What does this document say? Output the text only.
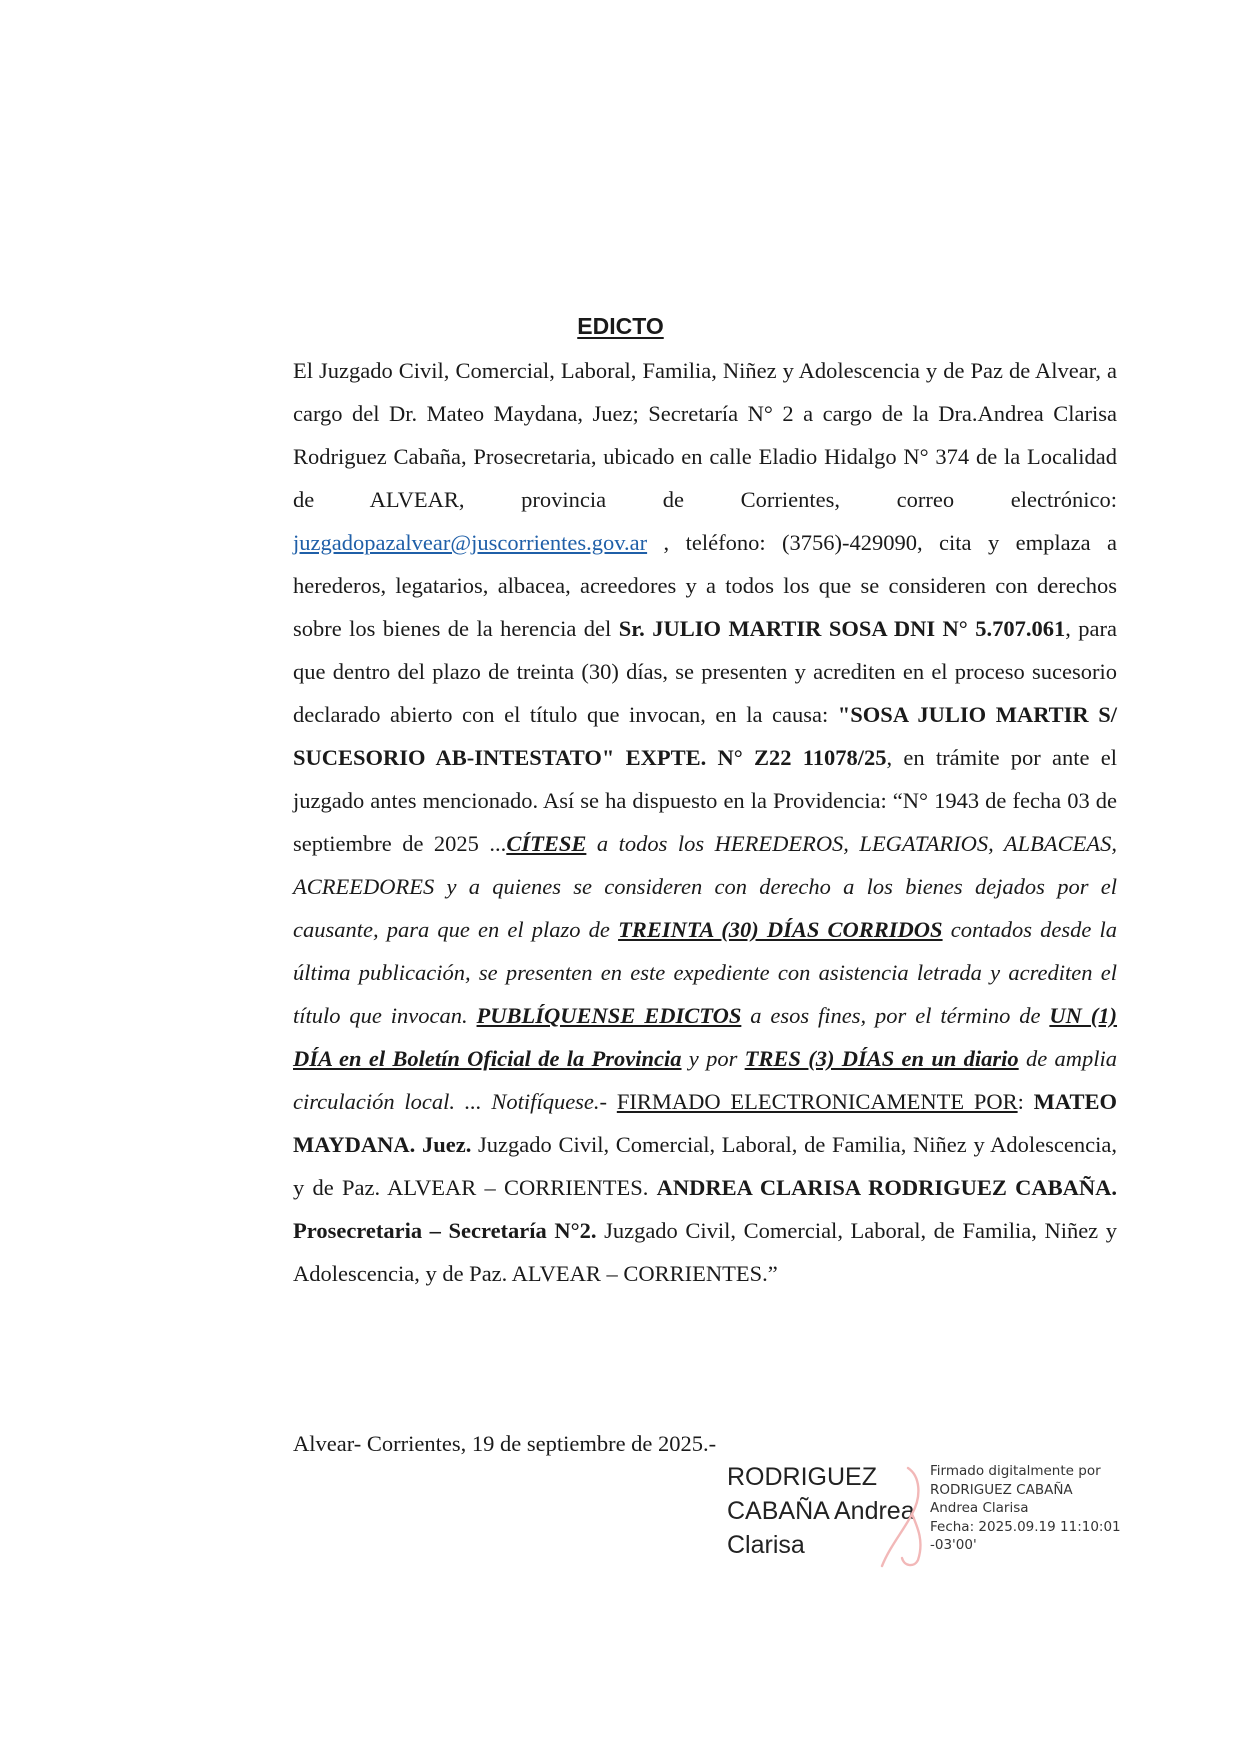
EDICTO

El Juzgado Civil, Comercial, Laboral, Familia, Niñez y Adolescencia y de Paz de Alvear, a cargo del Dr. Mateo Maydana, Juez; Secretaría N° 2 a cargo de la Dra.Andrea Clarisa Rodriguez Cabaña, Prosecretaria, ubicado en calle Eladio Hidalgo N° 374 de la Localidad de ALVEAR, provincia de Corrientes, correo electrónico: juzgadopazalvear@juscorrientes.gov.ar , teléfono: (3756)-429090, cita y emplaza a herederos, legatarios, albacea, acreedores y a todos los que se consideren con derechos sobre los bienes de la herencia del Sr. JULIO MARTIR SOSA DNI N° 5.707.061, para que dentro del plazo de treinta (30) días, se presenten y acrediten en el proceso sucesorio declarado abierto con el título que invocan, en la causa: "SOSA JULIO MARTIR S/ SUCESORIO AB-INTESTATO" EXPTE. N° Z22 11078/25, en trámite por ante el juzgado antes mencionado. Así se ha dispuesto en la Providencia: “N° 1943 de fecha 03 de septiembre de 2025 ...CÍTESE a todos los HEREDEROS, LEGATARIOS, ALBACEAS, ACREEDORES y a quienes se consideren con derecho a los bienes dejados por el causante, para que en el plazo de TREINTA (30) DÍAS CORRIDOS contados desde la última publicación, se presenten en este expediente con asistencia letrada y acrediten el título que invocan. PUBLÍQUENSE EDICTOS a esos fines, por el término de UN (1) DÍA en el Boletín Oficial de la Provincia y por TRES (3) DÍAS en un diario de amplia circulación local. ... Notifíquese.- FIRMADO ELECTRONICAMENTE POR: MATEO MAYDANA. Juez. Juzgado Civil, Comercial, Laboral, de Familia, Niñez y Adolescencia, y de Paz. ALVEAR – CORRIENTES. ANDREA CLARISA RODRIGUEZ CABAÑA. Prosecretaria – Secretaría N°2. Juzgado Civil, Comercial, Laboral, de Familia, Niñez y Adolescencia, y de Paz. ALVEAR – CORRIENTES.”

Alvear- Corrientes, 19 de septiembre de 2025.-

RODRIGUEZ
CABAÑA Andrea
Clarisa
Firmado digitalmente por
RODRIGUEZ CABAÑA
Andrea Clarisa
Fecha: 2025.09.19 11:10:01
-03'00'
